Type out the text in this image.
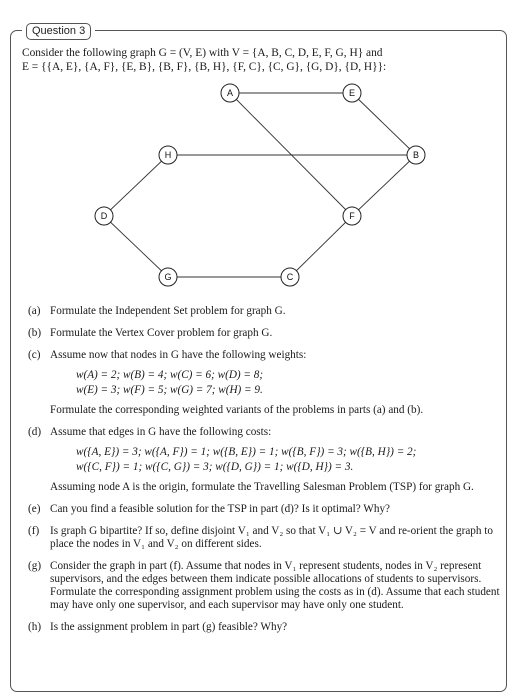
Question 3
Consider the following graph G = (V, E) with V = {A, B, C, D, E, F, G, H} and
E = {{A, E}, {A, F}, {E, B}, {B, F}, {B, H}, {F, C}, {C, G}, {G, D}, {D, H}}:
A	E
H	B
D	F
G	C
(a) Formulate the Independent Set problem for graph G.
(b) Formulate the Vertex Cover problem for graph G.
(c) Assume now that nodes in G have the following weights:
w(A) = 2; w(B) = 4; w(C) = 6; w(D) = 8;
w(E) = 3; w(F) = 5; w(G) = 7; w(H) = 9.
Formulate the corresponding weighted variants of the problems in parts (a) and (b).
(d) Assume that edges in G have the following costs:
w({A, E}) = 3; w({A, F}) = 1; w({B, E}) = 1; w({B, F}) = 3; w({B, H}) = 2;
w({C, F}) = 1; w({C, G}) = 3; w({D, G}) = 1; w({D, H}) = 3.
Assuming node A is the origin, formulate the Travelling Salesman Problem (TSP) for graph G.
(e) Can you find a feasible solution for the TSP in part (d)? Is it optimal? Why?
(f) Is graph G bipartite? If so, define disjoint V₁ and V₂ so that V₁ ∪ V₂ = V and re-orient the graph to place the nodes in V₁ and V₂ on different sides.
(g) Consider the graph in part (f). Assume that nodes in V₁ represent students, nodes in V₂ represent supervisors, and the edges between them indicate possible allocations of students to supervisors. Formulate the corresponding assignment problem using the costs as in (d). Assume that each student may have only one supervisor, and each supervisor may have only one student.
(h) Is the assignment problem in part (g) feasible? Why?
